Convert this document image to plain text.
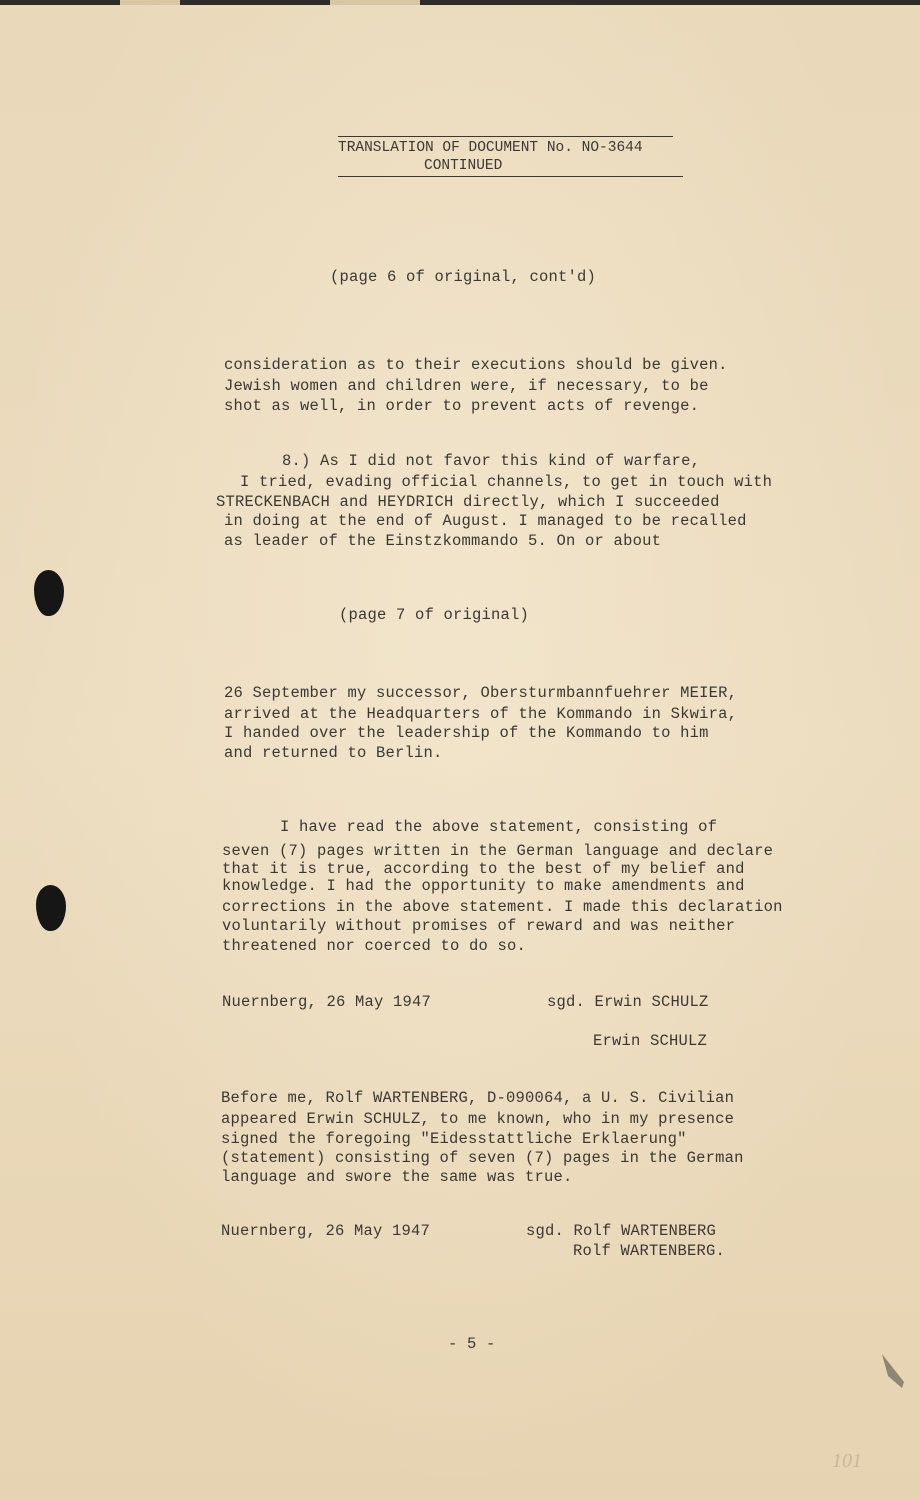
TRANSLATION OF DOCUMENT No. NO-3644
CONTINUED
(page 6 of original, cont'd)
consideration as to their executions should be given.
Jewish women and children were, if necessary, to be
shot as well, in order to prevent acts of revenge.
8.) As I did not favor this kind of warfare,
I tried, evading official channels, to get in touch with
STRECKENBACH and HEYDRICH directly, which I succeeded
in doing at the end of August. I managed to be recalled
as leader of the Einstzkommando 5. On or about
(page 7 of original)
26 September my successor, Obersturmbannfuehrer MEIER,
arrived at the Headquarters of the Kommando in Skwira,
I handed over the leadership of the Kommando to him
and returned to Berlin.
I have read the above statement, consisting of
seven (7) pages written in the German language and declare
that it is true, according to the best of my belief and
knowledge. I had the opportunity to make amendments and
corrections in the above statement. I made this declaration
voluntarily without promises of reward and was neither
threatened nor coerced to do so.
Nuernberg, 26 May 1947	sgd. Erwin SCHULZ
Erwin SCHULZ
Before me, Rolf WARTENBERG, D-090064, a U. S. Civilian
appeared Erwin SCHULZ, to me known, who in my presence
signed the foregoing "Eidesstattliche Erklaerung"
(statement) consisting of seven (7) pages in the German
language and swore the same was true.
Nuernberg, 26 May 1947	sgd. Rolf WARTENBERG
Rolf WARTENBERG.
- 5 -
101
